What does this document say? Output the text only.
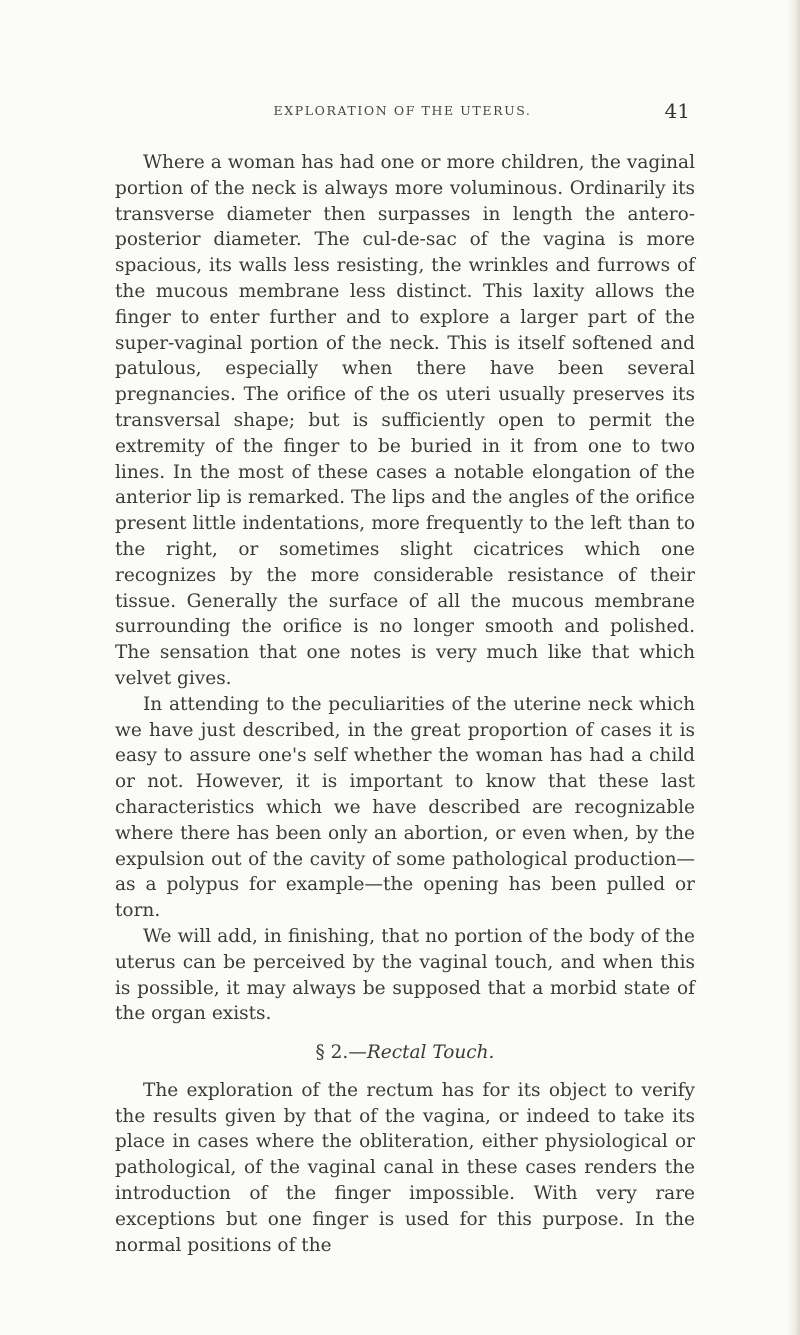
EXPLORATION OF THE UTERUS.	41

Where a woman has had one or more children, the vaginal portion of the neck is always more voluminous. Ordinarily its transverse diameter then surpasses in length the antero-posterior diameter. The cul-de-sac of the vagina is more spacious, its walls less resisting, the wrinkles and furrows of the mucous membrane less distinct. This laxity allows the finger to enter further and to explore a larger part of the super-vaginal portion of the neck. This is itself softened and patulous, especially when there have been several pregnancies. The orifice of the os uteri usually preserves its transversal shape; but is sufficiently open to permit the extremity of the finger to be buried in it from one to two lines. In the most of these cases a notable elongation of the anterior lip is remarked. The lips and the angles of the orifice present little indentations, more frequently to the left than to the right, or sometimes slight cicatrices which one recognizes by the more considerable resistance of their tissue. Generally the surface of all the mucous membrane surrounding the orifice is no longer smooth and polished. The sensation that one notes is very much like that which velvet gives.

In attending to the peculiarities of the uterine neck which we have just described, in the great proportion of cases it is easy to assure one's self whether the woman has had a child or not. However, it is important to know that these last characteristics which we have described are recognizable where there has been only an abortion, or even when, by the expulsion out of the cavity of some pathological production—as a polypus for example—the opening has been pulled or torn.

We will add, in finishing, that no portion of the body of the uterus can be perceived by the vaginal touch, and when this is possible, it may always be supposed that a morbid state of the organ exists.

§ 2.—Rectal Touch.

The exploration of the rectum has for its object to verify the results given by that of the vagina, or indeed to take its place in cases where the obliteration, either physiological or pathological, of the vaginal canal in these cases renders the introduction of the finger impossible. With very rare exceptions but one finger is used for this purpose. In the normal positions of the
